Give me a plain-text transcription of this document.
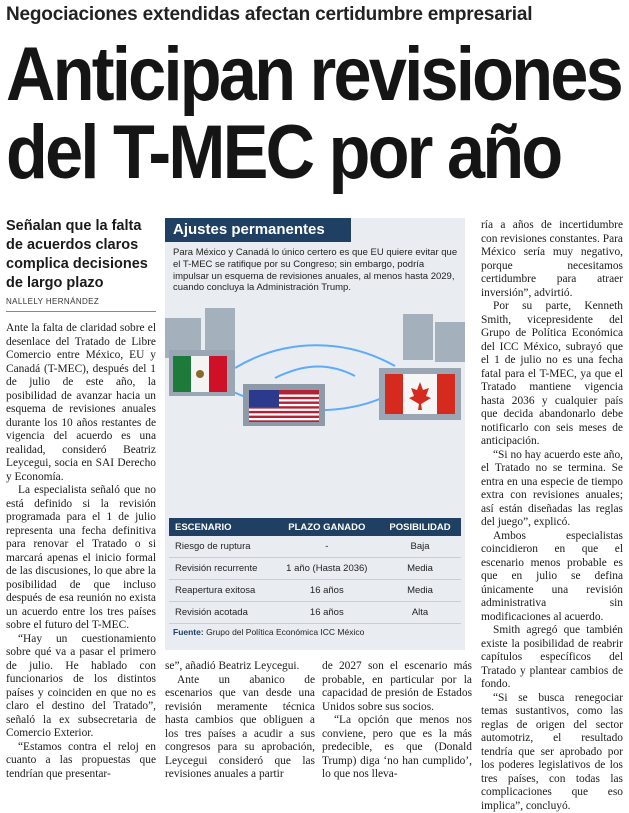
Negociaciones extendidas afectan certidumbre empresarial
Anticipan revisiones
del T-MEC por año
Señalan que la falta de acuerdos claros complica decisiones de largo plazo
NALLELY HERNÁNDEZ

Ante la falta de claridad sobre el desenlace del Tratado de Libre Comercio entre México, EU y Canadá (T-MEC), después del 1 de julio de este año, la posibilidad de avanzar hacia un esquema de revisiones anuales durante los 10 años restantes de vigencia del acuerdo es una realidad, consideró Beatriz Leycegui, socia en SAI Derecho y Economía.

La especialista señaló que no está definido si la revisión programada para el 1 de julio representa una fecha definitiva para renovar el Tratado o si marcará apenas el inicio formal de las discusiones, lo que abre la posibilidad de que incluso después de esa reunión no exista un acuerdo entre los tres países sobre el futuro del T-MEC.

“Hay un cuestionamiento sobre qué va a pasar el primero de julio. He hablado con funcionarios de los distintos países y coinciden en que no es claro el destino del Tratado”, señaló la ex subsecretaria de Comercio Exterior.

“Estamos contra el reloj en cuanto a las propuestas que tendrían que presentar-

Ajustes permanentes
Para México y Canadá lo único certero es que EU quiere evitar que el T-MEC se ratifique por su Congreso; sin embargo, podría impulsar un esquema de revisiones anuales, al menos hasta 2029, cuando concluya la Administración Trump.
ESCENARIO	PLAZO GANADO	POSIBILIDAD
Riesgo de ruptura	-	Baja
Revisión recurrente	1 año (Hasta 2036)	Media
Reapertura exitosa	16 años	Media
Revisión acotada	16 años	Alta
Fuente: Grupo del Política Económica ICC México

se”, añadió Beatriz Leycegui.

Ante un abanico de escenarios que van desde una revisión meramente técnica hasta cambios que obliguen a los tres países a acudir a sus congresos para su aprobación, Leycegui consideró que las revisiones anuales a partir

de 2027 son el escenario más probable, en particular por la capacidad de presión de Estados Unidos sobre sus socios.

“La opción que menos nos conviene, pero que es la más predecible, es que (Donald Trump) diga ‘no han cumplido’, lo que nos lleva-

ría a años de incertidumbre con revisiones constantes. Para México sería muy negativo, porque necesitamos certidumbre para atraer inversión”, advirtió.

Por su parte, Kenneth Smith, vicepresidente del Grupo de Política Económica del ICC México, subrayó que el 1 de julio no es una fecha fatal para el T-MEC, ya que el Tratado mantiene vigencia hasta 2036 y cualquier país que decida abandonarlo debe notificarlo con seis meses de anticipación.

“Si no hay acuerdo este año, el Tratado no se termina. Se entra en una especie de tiempo extra con revisiones anuales; así están diseñadas las reglas del juego”, explicó.

Ambos especialistas coincidieron en que el escenario menos probable es que en julio se defina únicamente una revisión administrativa sin modificaciones al acuerdo.

Smith agregó que también existe la posibilidad de reabrir capítulos específicos del Tratado y plantear cambios de fondo.

“Si se busca renegociar temas sustantivos, como las reglas de origen del sector automotriz, el resultado tendría que ser aprobado por los poderes legislativos de los tres países, con todas las complicaciones que eso implica”, concluyó.
